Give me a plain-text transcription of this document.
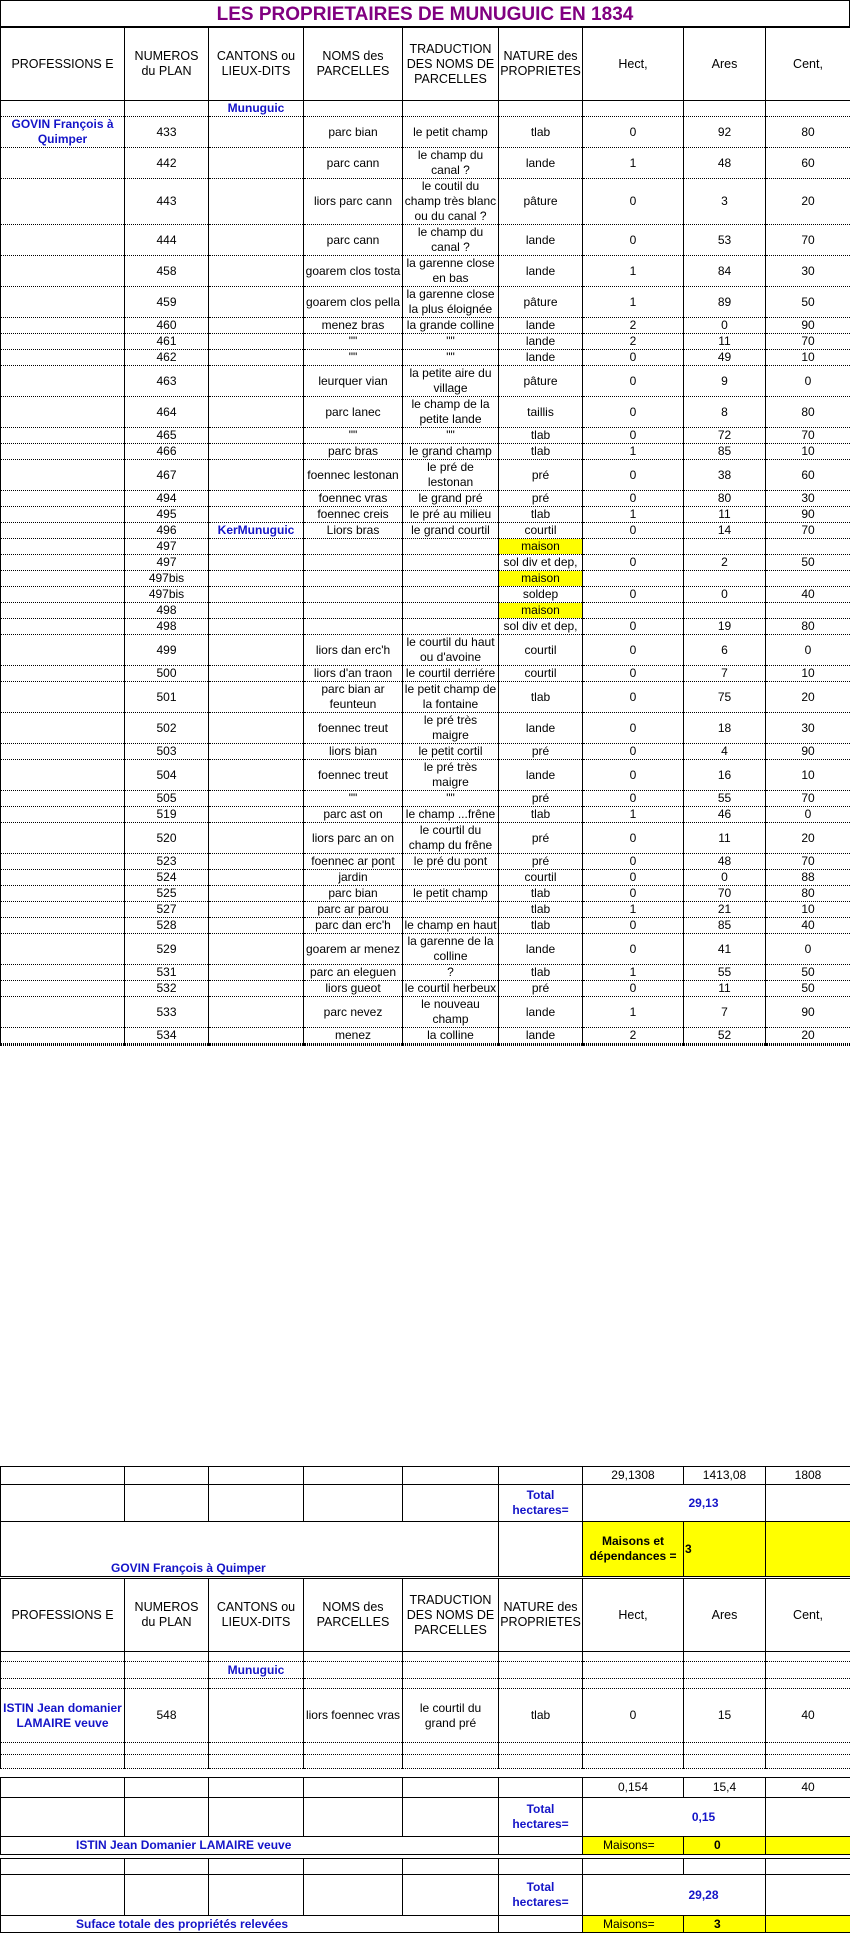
LES PROPRIETAIRES DE MUNUGUIC EN 1834
PROFESSIONS E	NUMEROS du PLAN	CANTONS ou LIEUX-DITS	NOMS des PARCELLES	TRADUCTION DES NOMS DE PARCELLES	NATURE des PROPRIETES	Hect,	Ares	Cent,
		Munuguic						
GOVIN François à Quimper	433		parc bian	le petit champ	tlab	0	92	80
	442		parc cann	le champ du canal ?	lande	1	48	60
	443		liors parc cann	le coutil du champ très blanc ou du canal ?	pâture	0	3	20
	444		parc cann	le champ du canal ?	lande	0	53	70
	458		goarem clos tosta	la garenne close en bas	lande	1	84	30
	459		goarem clos pella	la garenne close la plus éloignée	pâture	1	89	50
	460		menez bras	la grande colline	lande	2	0	90
	461		""	""	lande	2	11	70
	462		""	""	lande	0	49	10
	463		leurquer vian	la petite aire du village	pâture	0	9	0
	464		parc lanec	le champ de la petite lande	taillis	0	8	80
	465		""	""	tlab	0	72	70
	466		parc bras	le grand champ	tlab	1	85	10
	467		foennec lestonan	le pré de lestonan	pré	0	38	60
	494		foennec vras	le grand pré	pré	0	80	30
	495		foennec creis	le pré au milieu	tlab	1	11	90
	496	KerMunuguic	Liors bras	le grand courtil	courtil	0	14	70
	497				maison			
	497				sol div et dep,	0	2	50
	497bis				maison			
	497bis				soldep	0	0	40
	498				maison			
	498				sol div et dep,	0	19	80
	499		liors dan erc'h	le courtil du haut ou d'avoine	courtil	0	6	0
	500		liors d'an traon	le courtil derriére	courtil	0	7	10
	501		parc bian ar feunteun	le petit champ de la fontaine	tlab	0	75	20
	502		foennec treut	le pré très maigre	lande	0	18	30
	503		liors bian	le petit cortil	pré	0	4	90
	504		foennec treut	le pré très maigre	lande	0	16	10
	505		""	""	pré	0	55	70
	519		parc ast on	le champ ...frêne	tlab	1	46	0
	520		liors parc an on	le courtil du champ du frêne	pré	0	11	20
	523		foennec ar pont	le pré du pont	pré	0	48	70
	524		jardin		courtil	0	0	88
	525		parc bian	le petit champ	tlab	0	70	80
	527		parc ar parou		tlab	1	21	10
	528		parc dan erc'h	le champ en haut	tlab	0	85	40
	529		goarem ar menez	la garenne de la colline	lande	0	41	0
	531		parc an eleguen	?	tlab	1	55	50
	532		liors gueot	le courtil herbeux	pré	0	11	50
	533		parc nevez	le nouveau champ	lande	1	7	90
	534		menez	la colline	lande	2	52	20

						29,1308	1413,08	1808
					Total hectares=	29,13		
GOVIN François à Quimper						Maisons et dépendances =	3	
PROFESSIONS E	NUMEROS du PLAN	CANTONS ou LIEUX-DITS	NOMS des PARCELLES	TRADUCTION DES NOMS DE PARCELLES	NATURE des PROPRIETES	Hect,	Ares	Cent,

		Munuguic						

ISTIN Jean domanier LAMAIRE veuve	548		liors foennec vras	le courtil du grand pré	tlab	0	15	40

						0,154	15,4	40
					Total hectares=	0,15		
ISTIN Jean Domanier LAMAIRE veuve						Maisons=	0	

					Total hectares=	29,28		
Suface totale des propriétés relevées						Maisons=	3	
